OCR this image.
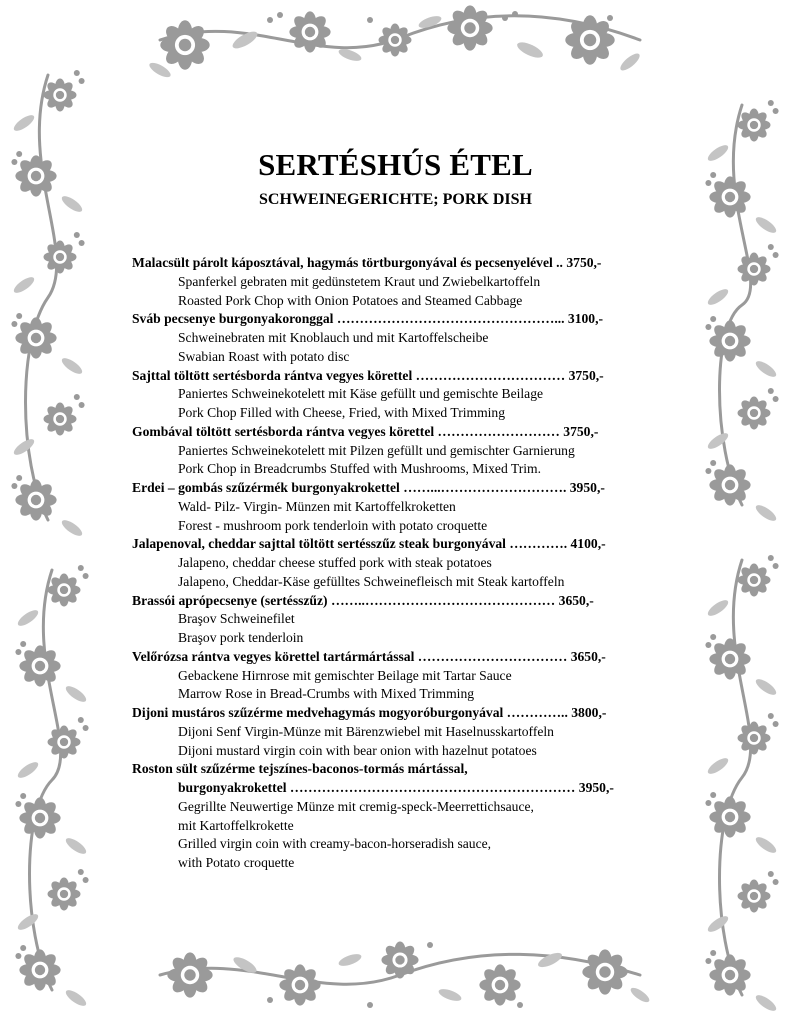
SERTÉSHÚS ÉTEL
SCHWEINEGERICHTE; PORK DISH
Malacsült párolt káposztával, hagymás törtburgonyával és pecsenyelével .. 3750,-
Spanferkel gebraten mit gedünstetem Kraut und Zwiebelkartoffeln
Roasted Pork Chop with Onion Potatoes and Steamed Cabbage
Sváb pecsenye burgonyakoronggal …………………………………………... 3100,-
Schweinebraten mit Knoblauch und mit Kartoffelscheibe
Swabian Roast with potato disc
Sajttal töltött sertésborda rántva vegyes körettel …………………………… 3750,-
Paniertes Schweinekotelett mit Käse gefüllt und gemischte Beilage
Pork Chop Filled with Cheese, Fried, with Mixed Trimming
Gombával töltött sertésborda rántva vegyes körettel ……………………… 3750,-
Paniertes Schweinekotelett mit Pilzen gefüllt und gemischter Garnierung
Pork Chop in Breadcrumbs Stuffed with Mushrooms, Mixed Trim.
Erdei – gombás szűzérmék burgonyakrokettel ……...………………………. 3950,-
Wald- Pilz- Virgin- Münzen mit Kartoffelkroketten
Forest - mushroom pork tenderloin with potato croquette
Jalapenoval, cheddar sajttal töltött sertésszűz steak burgonyával …………. 4100,-
Jalapeno, cheddar cheese stuffed pork with steak potatoes
Jalapeno, Cheddar-Käse gefülltes Schweinefleisch mit Steak kartoffeln
Brassói aprópecsenye (sertésszűz) ……..…………………………………… 3650,-
Braşov Schweinefilet
Braşov pork tenderloin
Velőrózsa rántva vegyes körettel tartármártással …………………………… 3650,-
Gebackene Hirnrose mit gemischter Beilage mit Tartar Sauce
Marrow Rose in Bread-Crumbs with Mixed Trimming
Dijoni mustáros szűzérme medvehagymás mogyoróburgonyával ………….. 3800,-
Dijoni Senf Virgin-Münze mit Bärenzwiebel mit Haselnusskartoffeln
Dijoni mustard virgin coin with bear onion with hazelnut potatoes
Roston sült szűzérme tejszínes-baconos-tormás mártással,
burgonyakrokettel ……………………………………………………… 3950,-
Gegrillte Neuwertige Münze mit cremig-speck-Meerrettichsauce,
mit Kartoffelkrokette
Grilled virgin coin with creamy-bacon-horseradish sauce,
with Potato croquette
